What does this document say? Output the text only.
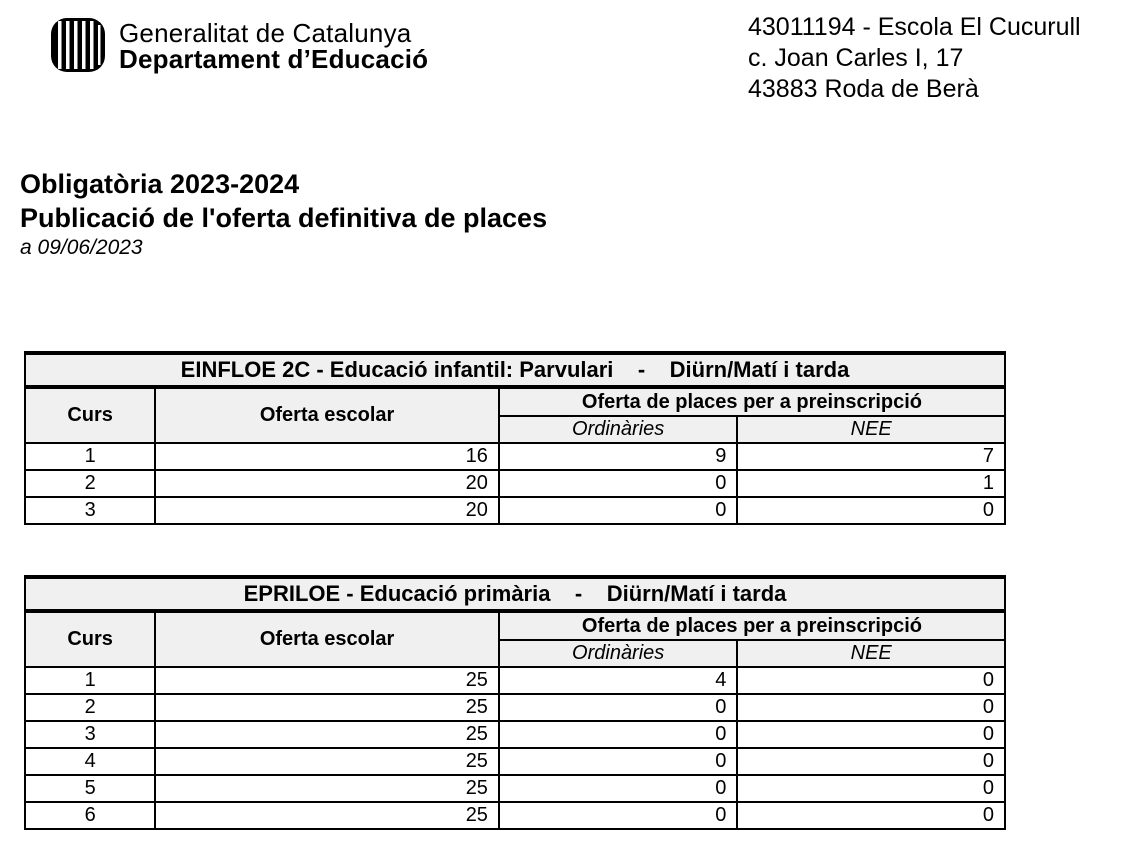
Generalitat de Catalunya
Departament d’Educació
43011194 - Escola El Cucurull
c. Joan Carles I, 17
43883 Roda de Berà
Obligatòria 2023-2024
Publicació de l'oferta definitiva de places
a 09/06/2023
EINFLOE 2C - Educació infantil: Parvulari    -    Diürn/Matí i tarda			
Curs	Oferta escolar	Oferta de places per a preinscripció	
		Ordinàries	NEE
1	16	9	7
2	20	0	1
3	20	0	0
EPRILOE - Educació primària    -    Diürn/Matí i tarda			
Curs	Oferta escolar	Oferta de places per a preinscripció	
		Ordinàries	NEE
1	25	4	0
2	25	0	0
3	25	0	0
4	25	0	0
5	25	0	0
6	25	0	0
